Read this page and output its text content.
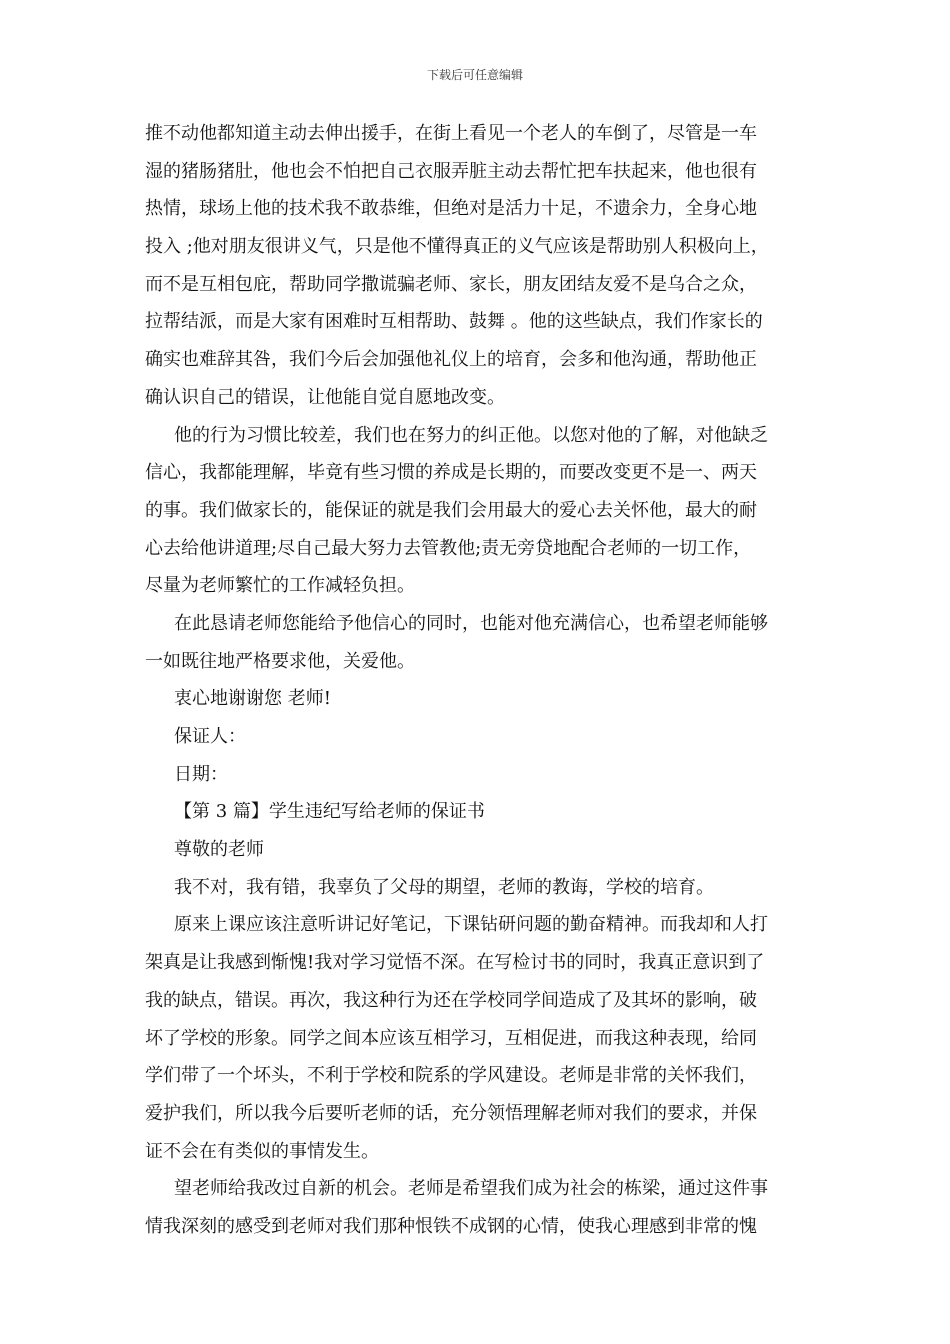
下载后可任意编辑
推不动他都知道主动去伸出援手，在街上看见一个老人的车倒了，尽管是一车
湿的猪肠猪肚，他也会不怕把自己衣服弄脏主动去帮忙把车扶起来，他也很有
热情，球场上他的技术我不敢恭维，但绝对是活力十足，不遗余力，全身心地
投入 ;他对朋友很讲义气，只是他不懂得真正的义气应该是帮助别人积极向上，
而不是互相包庇，帮助同学撒谎骗老师、家长，朋友团结友爱不是乌合之众，
拉帮结派，而是大家有困难时互相帮助、鼓舞 。他的这些缺点，我们作家长的
确实也难辞其咎，我们今后会加强他礼仪上的培育，会多和他沟通，帮助他正
确认识自己的错误，让他能自觉自愿地改变。
他的行为习惯比较差，我们也在努力的纠正他。以您对他的了解，对他缺乏
信心，我都能理解，毕竟有些习惯的养成是长期的，而要改变更不是一、两天
的事。我们做家长的，能保证的就是我们会用最大的爱心去关怀他，最大的耐
心去给他讲道理;尽自己最大努力去管教他;责无旁贷地配合老师的一切工作，
尽量为老师繁忙的工作减轻负担。
在此恳请老师您能给予他信心的同时，也能对他充满信心，也希望老师能够
一如既往地严格要求他，关爱他。
衷心地谢谢您 老师!
保证人：
日期：
【第 3 篇】学生违纪写给老师的保证书
尊敬的老师
我不对，我有错，我辜负了父母的期望，老师的教诲，学校的培育。
原来上课应该注意听讲记好笔记，下课钻研问题的勤奋精神。而我却和人打
架真是让我感到惭愧!我对学习觉悟不深。在写检讨书的同时，我真正意识到了
我的缺点，错误。再次，我这种行为还在学校同学间造成了及其坏的影响，破
坏了学校的形象。同学之间本应该互相学习，互相促进，而我这种表现，给同
学们带了一个坏头，不利于学校和院系的学风建设。老师是非常的关怀我们，
爱护我们，所以我今后要听老师的话，充分领悟理解老师对我们的要求，并保
证不会在有类似的事情发生。
望老师给我改过自新的机会。老师是希望我们成为社会的栋梁，通过这件事
情我深刻的感受到老师对我们那种恨铁不成钢的心情，使我心理感到非常的愧
